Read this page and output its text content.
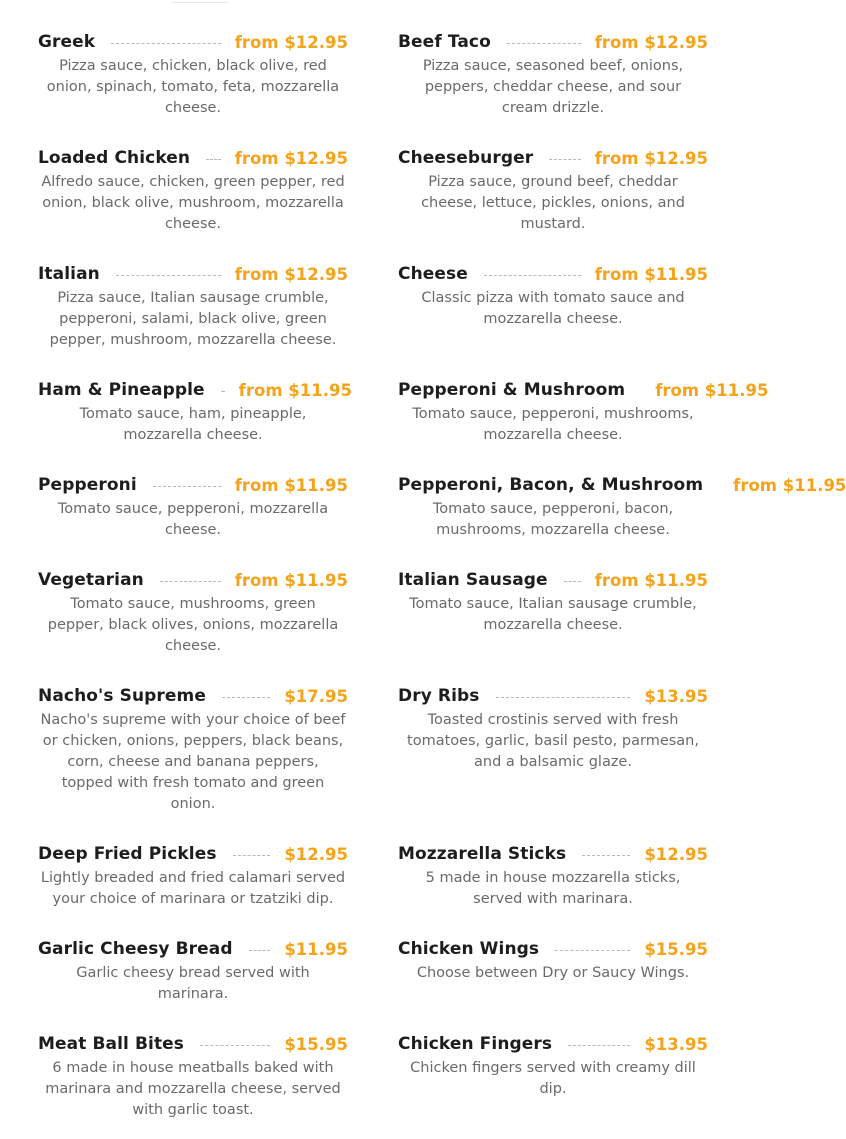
Greek	from $12.95
Pizza sauce, chicken, black olive, red onion, spinach, tomato, feta, mozzarella cheese.
Loaded Chicken	from $12.95
Alfredo sauce, chicken, green pepper, red onion, black olive, mushroom, mozzarella cheese.
Italian	from $12.95
Pizza sauce, Italian sausage crumble, pepperoni, salami, black olive, green pepper, mushroom, mozzarella cheese.
Ham & Pineapple from $11.95
Tomato sauce, ham, pineapple, mozzarella cheese.
Pepperoni	from $11.95
Tomato sauce, pepperoni, mozzarella cheese.
Vegetarian	from $11.95
Tomato sauce, mushrooms, green pepper, black olives, onions, mozzarella cheese.
Nacho's Supreme	$17.95
Nacho's supreme with your choice of beef or chicken, onions, peppers, black beans, corn, cheese and banana peppers, topped with fresh tomato and green onion.
Deep Fried Pickles	$12.95
Lightly breaded and fried calamari served your choice of marinara or tzatziki dip.
Garlic Cheesy Bread	$11.95
Garlic cheesy bread served with marinara.
Meat Ball Bites	$15.95
6 made in house meatballs baked with marinara and mozzarella cheese, served with garlic toast.
Beef Taco	from $12.95
Pizza sauce, seasoned beef, onions, peppers, cheddar cheese, and sour cream drizzle.
Cheeseburger	from $12.95
Pizza sauce, ground beef, cheddar cheese, lettuce, pickles, onions, and mustard.
Cheese	from $11.95
Classic pizza with tomato sauce and mozzarella cheese.
Pepperoni & Mushroom from $11.95
Tomato sauce, pepperoni, mushrooms, mozzarella cheese.
Pepperoni, Bacon, & Mushroom from $11.95
Tomato sauce, pepperoni, bacon, mushrooms, mozzarella cheese.
Italian Sausage	from $11.95
Tomato sauce, Italian sausage crumble, mozzarella cheese.
Dry Ribs	$13.95
Toasted crostinis served with fresh tomatoes, garlic, basil pesto, parmesan, and a balsamic glaze.
Mozzarella Sticks	$12.95
5 made in house mozzarella sticks, served with marinara.
Chicken Wings	$15.95
Choose between Dry or Saucy Wings.
Chicken Fingers	$13.95
Chicken fingers served with creamy dill dip.
